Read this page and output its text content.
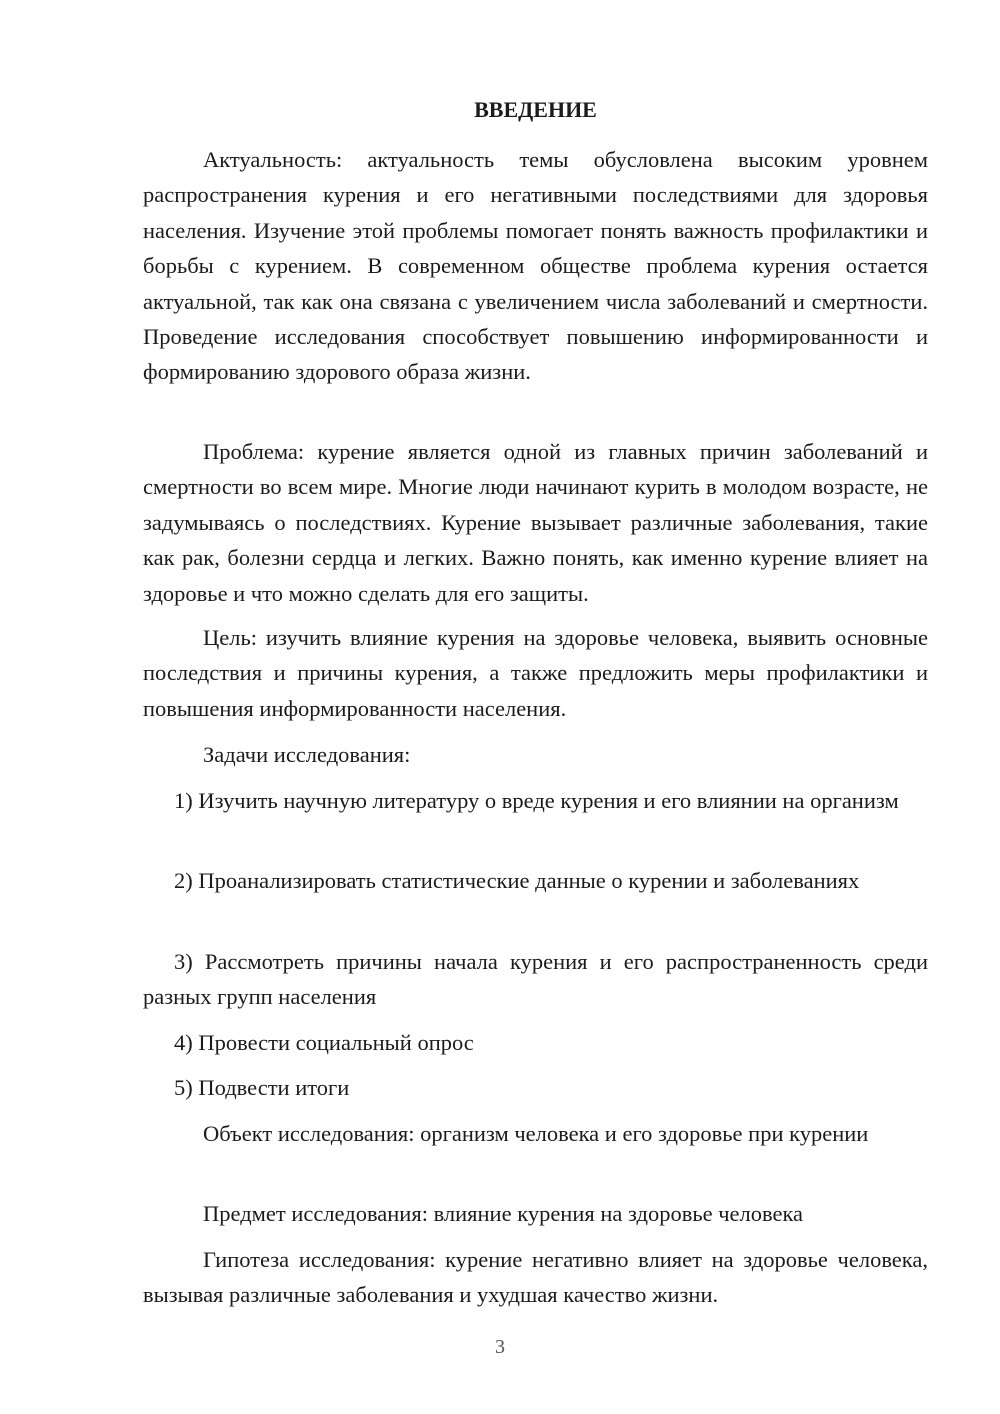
ВВЕДЕНИЕ
Актуальность: актуальность темы обусловлена высоким уровнем распространения курения и его негативными последствиями для здоровья населения. Изучение этой проблемы помогает понять важность профилактики и борьбы с курением. В современном обществе проблема курения остается актуальной, так как она связана с увеличением числа заболеваний и смертности. Проведение исследования способствует повышению информированности и формированию здорового образа жизни.
Проблема: курение является одной из главных причин заболеваний и смертности во всем мире. Многие люди начинают курить в молодом возрасте, не задумываясь о последствиях. Курение вызывает различные заболевания, такие как рак, болезни сердца и легких. Важно понять, как именно курение влияет на здоровье и что можно сделать для его защиты.
Цель: изучить влияние курения на здоровье человека, выявить основные последствия и причины курения, а также предложить меры профилактики и повышения информированности населения.
Задачи исследования:
1) Изучить научную литературу о вреде курения и его влиянии на организм
2) Проанализировать статистические данные о курении и заболеваниях
3) Рассмотреть причины начала курения и его распространенность среди разных групп населения
4) Провести социальный опрос
5) Подвести итоги
Объект исследования: организм человека и его здоровье при курении
Предмет исследования: влияние курения на здоровье человека
Гипотеза исследования: курение негативно влияет на здоровье человека, вызывая различные заболевания и ухудшая качество жизни.
3
